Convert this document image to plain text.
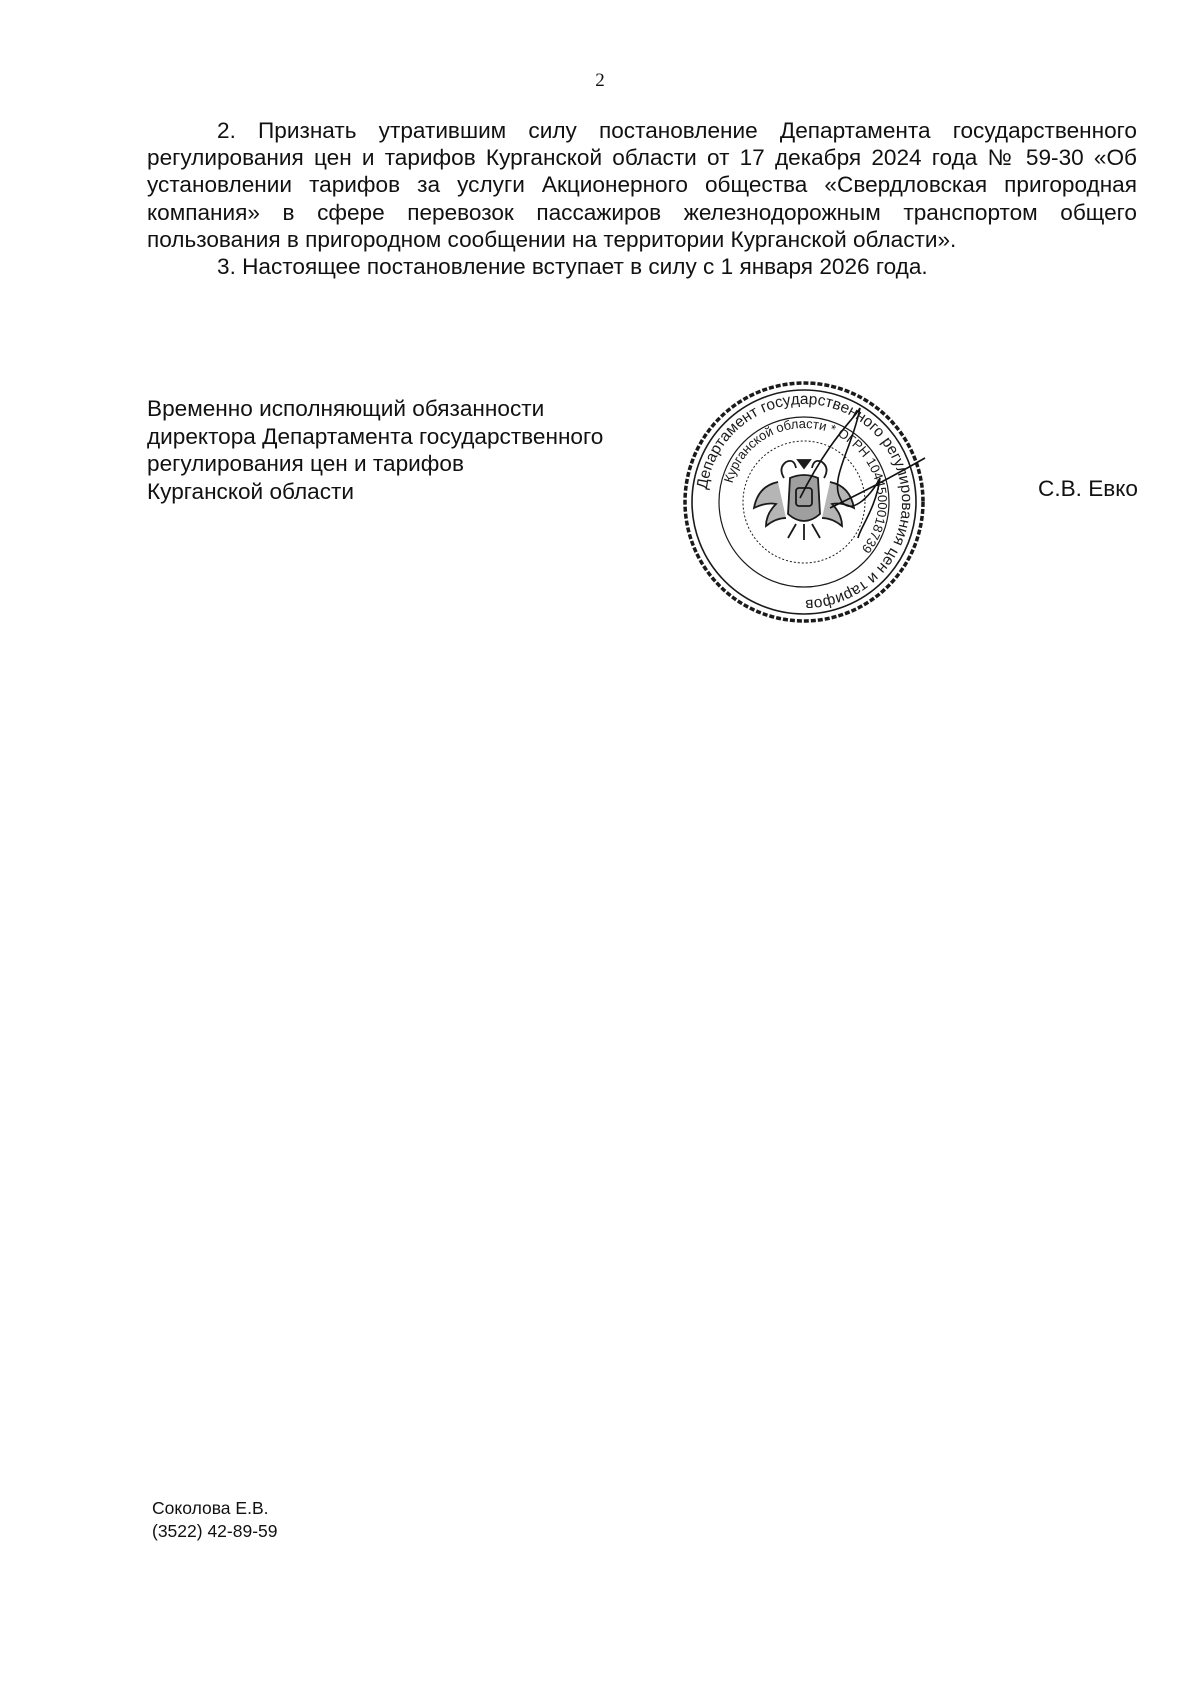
2

2. Признать утратившим силу постановление Департамента государственного регулирования цен и тарифов Курганской области от 17 декабря 2024 года № 59-30 «Об установлении тарифов за услуги Акционерного общества «Свердловская пригородная компания» в сфере перевозок пассажиров железнодорожным транспортом общего пользования в пригородном сообщении на территории Курганской области».

3. Настоящее постановление вступает в силу с 1 января 2026 года.

Временно исполняющий обязанности
директора Департамента государственного
регулирования цен и тарифов
Курганской области	Департамент государственного регулирования цен и тарифов
Курганской области * ОГРН 1044500018739
С.В. Евко
Соколова Е.В.
(3522) 42-89-59
